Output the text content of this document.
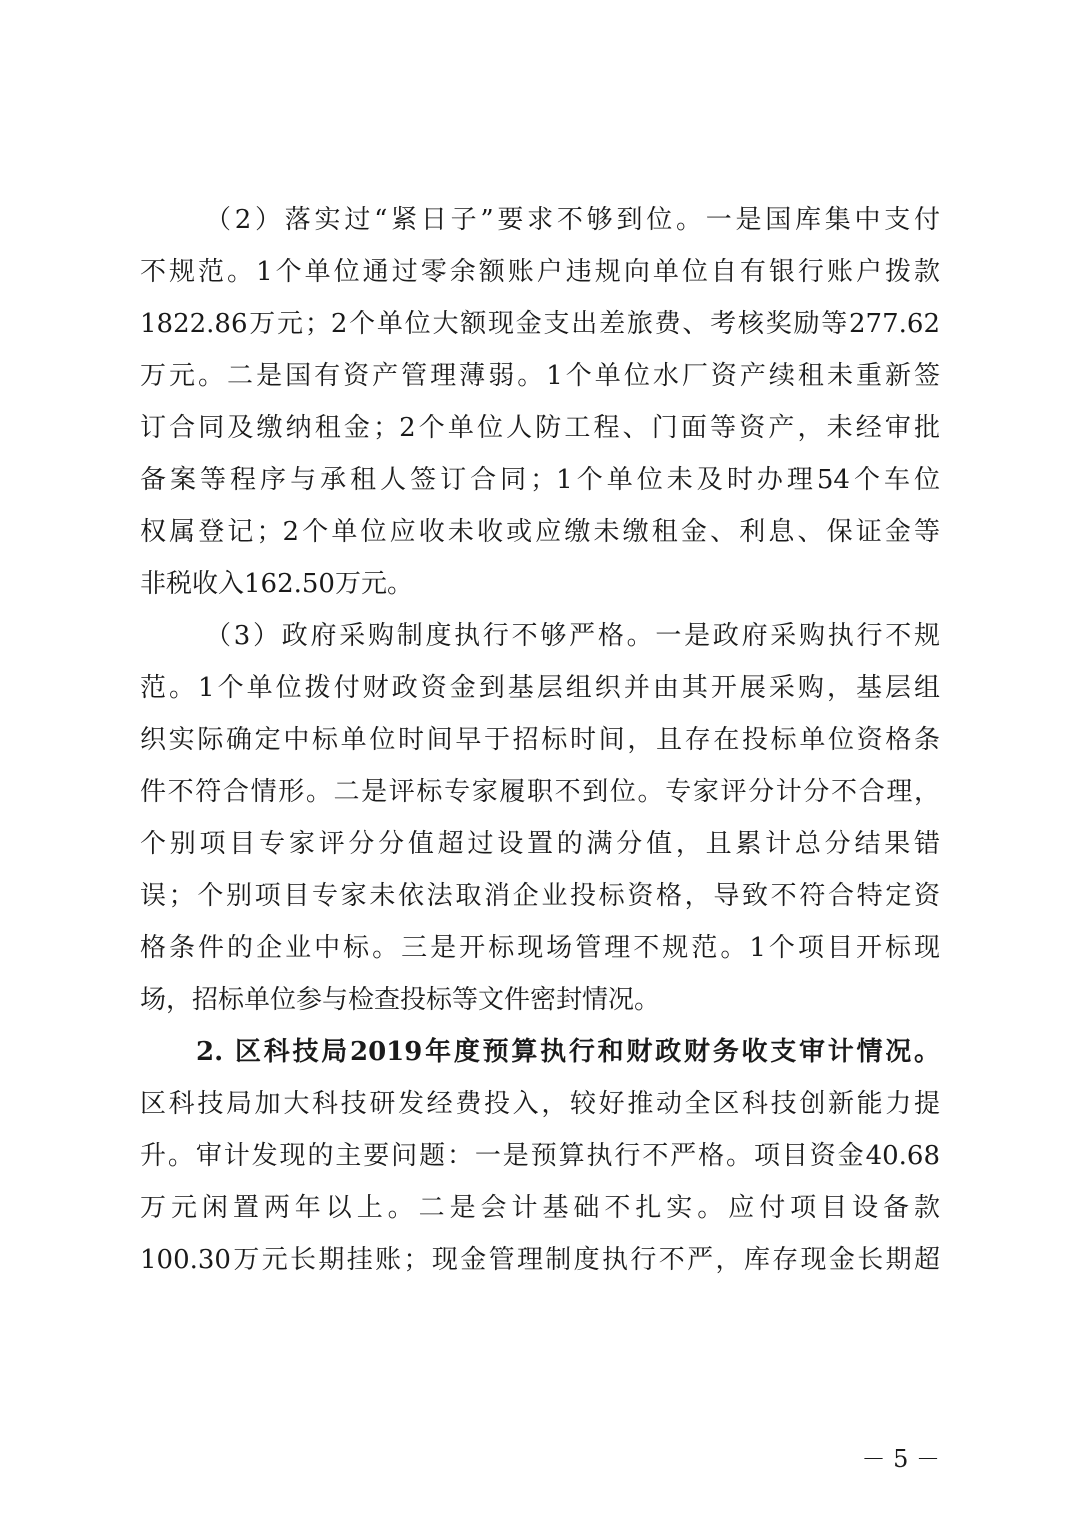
（2）落实过“紧日子”要求不够到位。一是国库集中支付
不规范。1个单位通过零余额账户违规向单位自有银行账户拨款
1822.86万元；2个单位大额现金支出差旅费、考核奖励等277.62
万元。二是国有资产管理薄弱。1个单位水厂资产续租未重新签
订合同及缴纳租金；2个单位人防工程、门面等资产，未经审批
备案等程序与承租人签订合同；1个单位未及时办理54个车位
权属登记；2个单位应收未收或应缴未缴租金、利息、保证金等
非税收入162.50万元。
（3）政府采购制度执行不够严格。一是政府采购执行不规
范。1个单位拨付财政资金到基层组织并由其开展采购，基层组
织实际确定中标单位时间早于招标时间，且存在投标单位资格条
件不符合情形。二是评标专家履职不到位。专家评分计分不合理，
个别项目专家评分分值超过设置的满分值，且累计总分结果错
误；个别项目专家未依法取消企业投标资格，导致不符合特定资
格条件的企业中标。三是开标现场管理不规范。1个项目开标现
场，招标单位参与检查投标等文件密封情况。
2. 区科技局2019年度预算执行和财政财务收支审计情况。
区科技局加大科技研发经费投入，较好推动全区科技创新能力提
升。审计发现的主要问题：一是预算执行不严格。项目资金40.68
万元闲置两年以上。二是会计基础不扎实。应付项目设备款
100.30万元长期挂账；现金管理制度执行不严，库存现金长期超
－ 5 －
